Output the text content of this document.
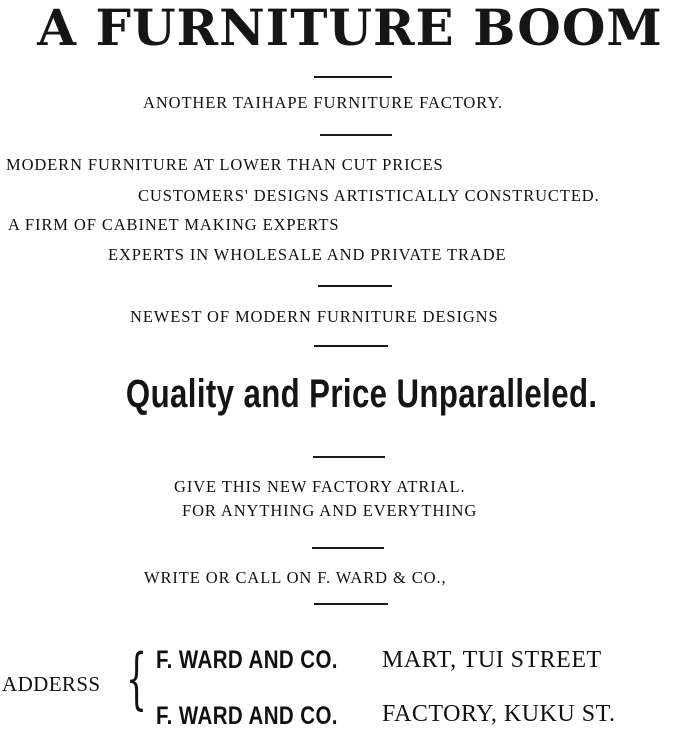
A FURNITURE BOOM
ANOTHER TAIHAPE FURNITURE FACTORY.
MODERN FURNITURE AT LOWER THAN CUT PRICES
CUSTOMERS' DESIGNS ARTISTICALLY CONSTRUCTED.
A FIRM OF CABINET MAKING EXPERTS
EXPERTS IN WHOLESALE AND PRIVATE TRADE
NEWEST OF MODERN FURNITURE DESIGNS
Quality and Price Unparalleled.
GIVE THIS NEW FACTORY ATRIAL.
FOR ANYTHING AND EVERYTHING
WRITE OR CALL ON F. WARD & CO.,
ADDERSS { F. WARD AND CO. MART, TUI STREET
F. WARD AND CO. FACTORY, KUKU ST.
